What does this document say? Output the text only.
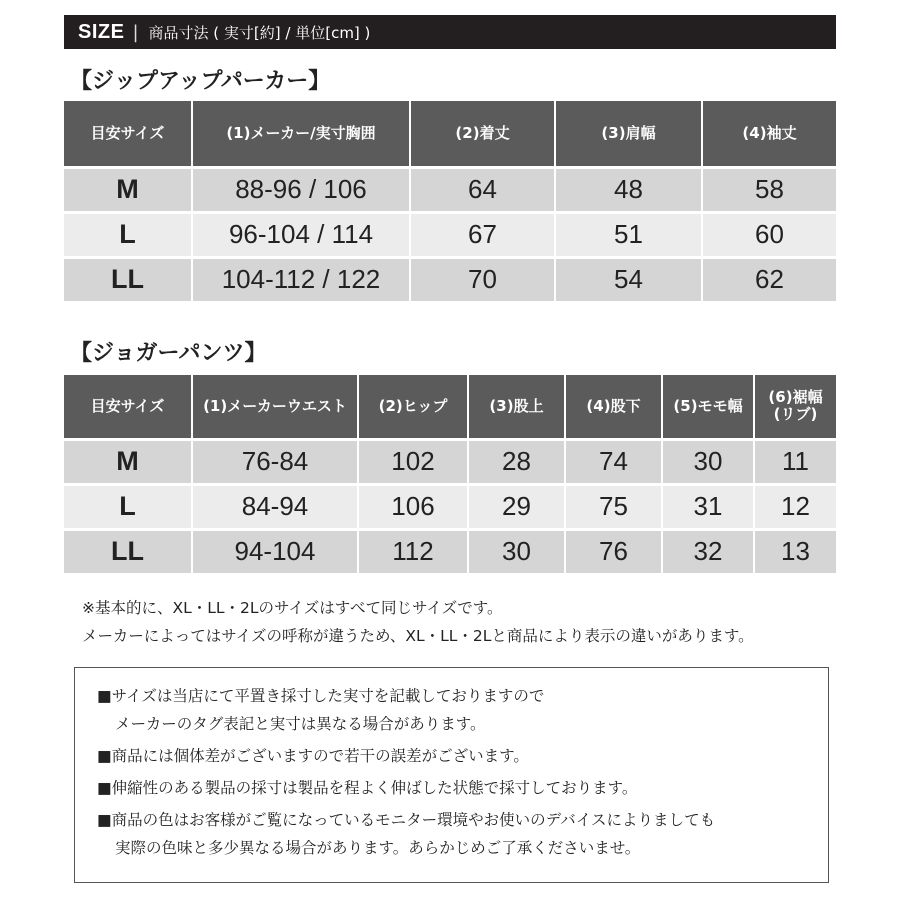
SIZE | 商品寸法 ( 実寸[約] / 単位[cm] )
【ジップアップパーカー】
目安サイズ	(1)メーカー/実寸胸囲	(2)着丈	(3)肩幅	(4)袖丈
M	88-96 / 106	64	48	58
L	96-104 / 114	67	51	60
LL	104-112 / 122	70	54	62
【ジョガーパンツ】
目安サイズ	(1)メーカーウエスト	(2)ヒップ	(3)股上	(4)股下	(5)モモ幅	(6)裾幅
(リブ)
M	76-84	102	28	74	30	11
L	84-94	106	29	75	31	12
LL	94-104	112	30	76	32	13
※基本的に、XL・LL・2Lのサイズはすべて同じサイズです。
メーカーによってはサイズの呼称が違うため、XL・LL・2Lと商品により表示の違いがあります。
■サイズは当店にて平置き採寸した実寸を記載しておりますので
メーカーのタグ表記と実寸は異なる場合があります。
■商品には個体差がございますので若干の誤差がございます。
■伸縮性のある製品の採寸は製品を程よく伸ばした状態で採寸しております。
■商品の色はお客様がご覧になっているモニター環境やお使いのデバイスによりましても
実際の色味と多少異なる場合があります。あらかじめご了承くださいませ。
